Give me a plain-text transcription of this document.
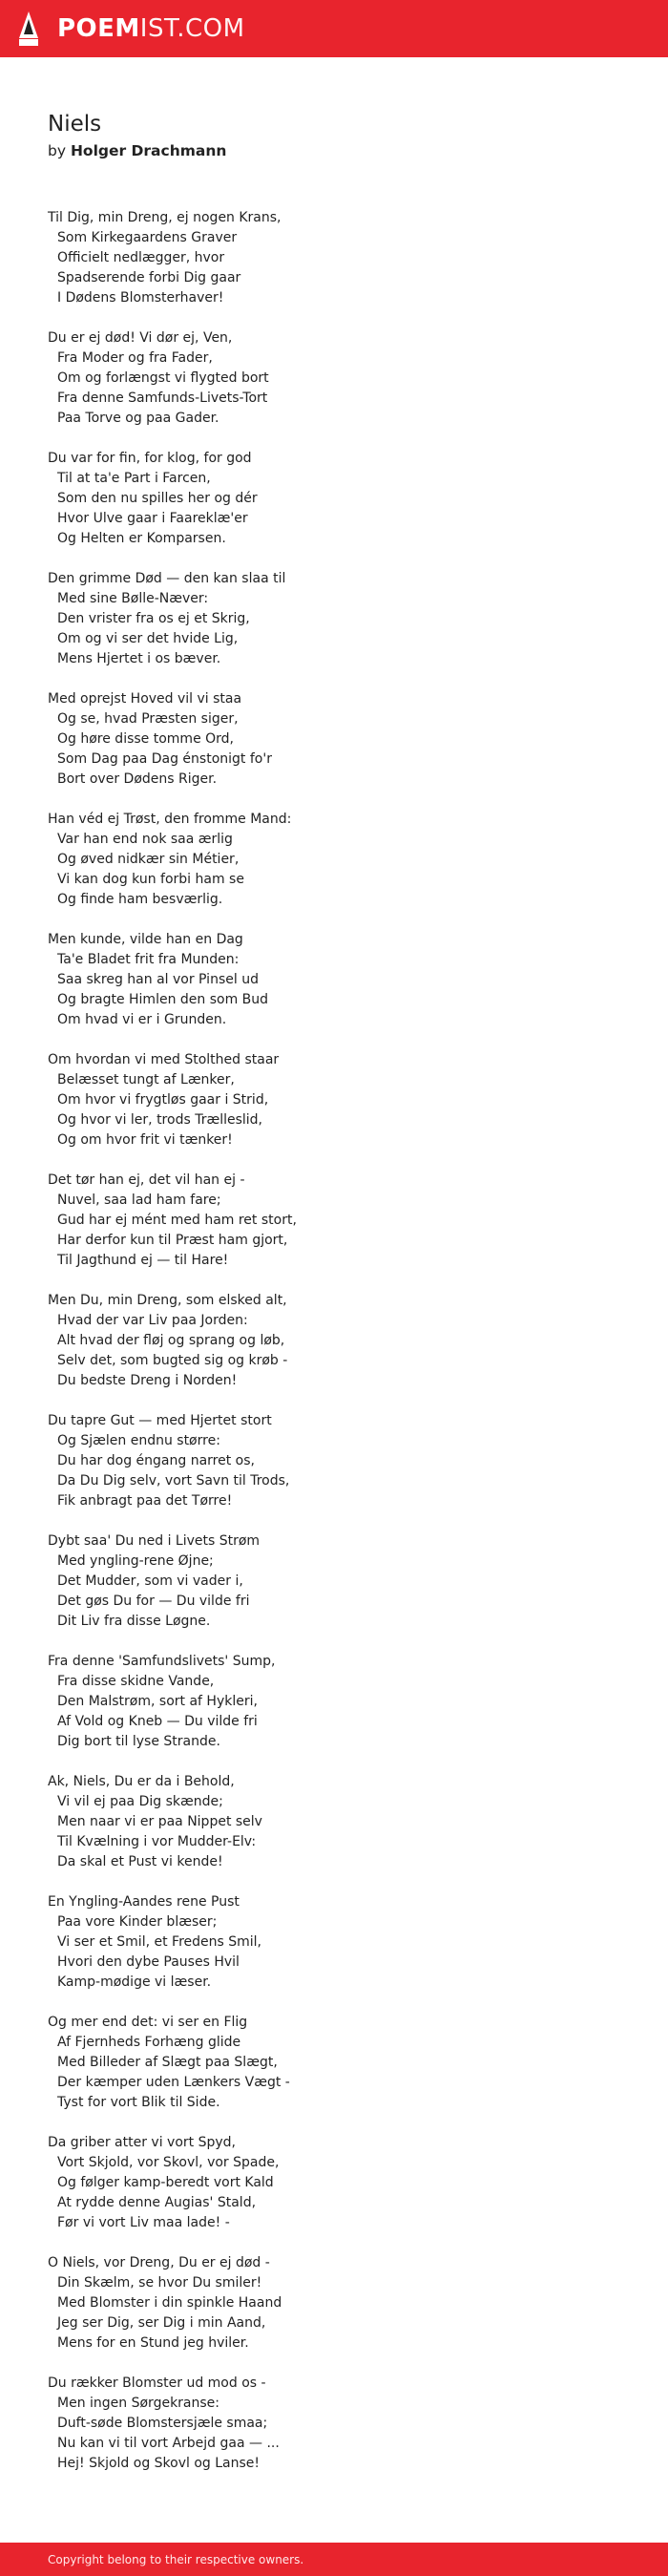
POEMIST.COM
Niels
by Holger Drachmann
Til Dig, min Dreng, ej nogen Krans,
Som Kirkegaardens Graver
Officielt nedlægger, hvor
Spadserende forbi Dig gaar
I Dødens Blomsterhaver!
Du er ej død! Vi dør ej, Ven,
Fra Moder og fra Fader,
Om og forlængst vi flygted bort
Fra denne Samfunds-Livets-Tort
Paa Torve og paa Gader.
Du var for fin, for klog, for god
Til at ta'e Part i Farcen,
Som den nu spilles her og dér
Hvor Ulve gaar i Faareklæ'er
Og Helten er Komparsen.
Den grimme Død — den kan slaa til
Med sine Bølle-Næver:
Den vrister fra os ej et Skrig,
Om og vi ser det hvide Lig,
Mens Hjertet i os bæver.
Med oprejst Hoved vil vi staa
Og se, hvad Præsten siger,
Og høre disse tomme Ord,
Som Dag paa Dag énstonigt fo'r
Bort over Dødens Riger.
Han véd ej Trøst, den fromme Mand:
Var han end nok saa ærlig
Og øved nidkær sin Métier,
Vi kan dog kun forbi ham se
Og finde ham besværlig.
Men kunde, vilde han en Dag
Ta'e Bladet frit fra Munden:
Saa skreg han al vor Pinsel ud
Og bragte Himlen den som Bud
Om hvad vi er i Grunden.
Om hvordan vi med Stolthed staar
Belæsset tungt af Lænker,
Om hvor vi frygtløs gaar i Strid,
Og hvor vi ler, trods Trælleslid,
Og om hvor frit vi tænker!
Det tør han ej, det vil han ej -
Nuvel, saa lad ham fare;
Gud har ej mént med ham ret stort,
Har derfor kun til Præst ham gjort,
Til Jagthund ej — til Hare!
Men Du, min Dreng, som elsked alt,
Hvad der var Liv paa Jorden:
Alt hvad der fløj og sprang og løb,
Selv det, som bugted sig og krøb -
Du bedste Dreng i Norden!
Du tapre Gut — med Hjertet stort
Og Sjælen endnu større:
Du har dog éngang narret os,
Da Du Dig selv, vort Savn til Trods,
Fik anbragt paa det Tørre!
Dybt saa' Du ned i Livets Strøm
Med yngling-rene Øjne;
Det Mudder, som vi vader i,
Det gøs Du for — Du vilde fri
Dit Liv fra disse Løgne.
Fra denne 'Samfundslivets' Sump,
Fra disse skidne Vande,
Den Malstrøm, sort af Hykleri,
Af Vold og Kneb — Du vilde fri
Dig bort til lyse Strande.
Ak, Niels, Du er da i Behold,
Vi vil ej paa Dig skænde;
Men naar vi er paa Nippet selv
Til Kvælning i vor Mudder-Elv:
Da skal et Pust vi kende!
En Yngling-Aandes rene Pust
Paa vore Kinder blæser;
Vi ser et Smil, et Fredens Smil,
Hvori den dybe Pauses Hvil
Kamp-mødige vi læser.
Og mer end det: vi ser en Flig
Af Fjernheds Forhæng glide
Med Billeder af Slægt paa Slægt,
Der kæmper uden Lænkers Vægt -
Tyst for vort Blik til Side.
Da griber atter vi vort Spyd,
Vort Skjold, vor Skovl, vor Spade,
Og følger kamp-beredt vort Kald
At rydde denne Augias' Stald,
Før vi vort Liv maa lade! -
O Niels, vor Dreng, Du er ej død -
Din Skælm, se hvor Du smiler!
Med Blomster i din spinkle Haand
Jeg ser Dig, ser Dig i min Aand,
Mens for en Stund jeg hviler.
Du rækker Blomster ud mod os -
Men ingen Sørgekranse:
Duft-søde Blomstersjæle smaa;
Nu kan vi til vort Arbejd gaa — ...
Hej! Skjold og Skovl og Lanse!
Copyright belong to their respective owners.
